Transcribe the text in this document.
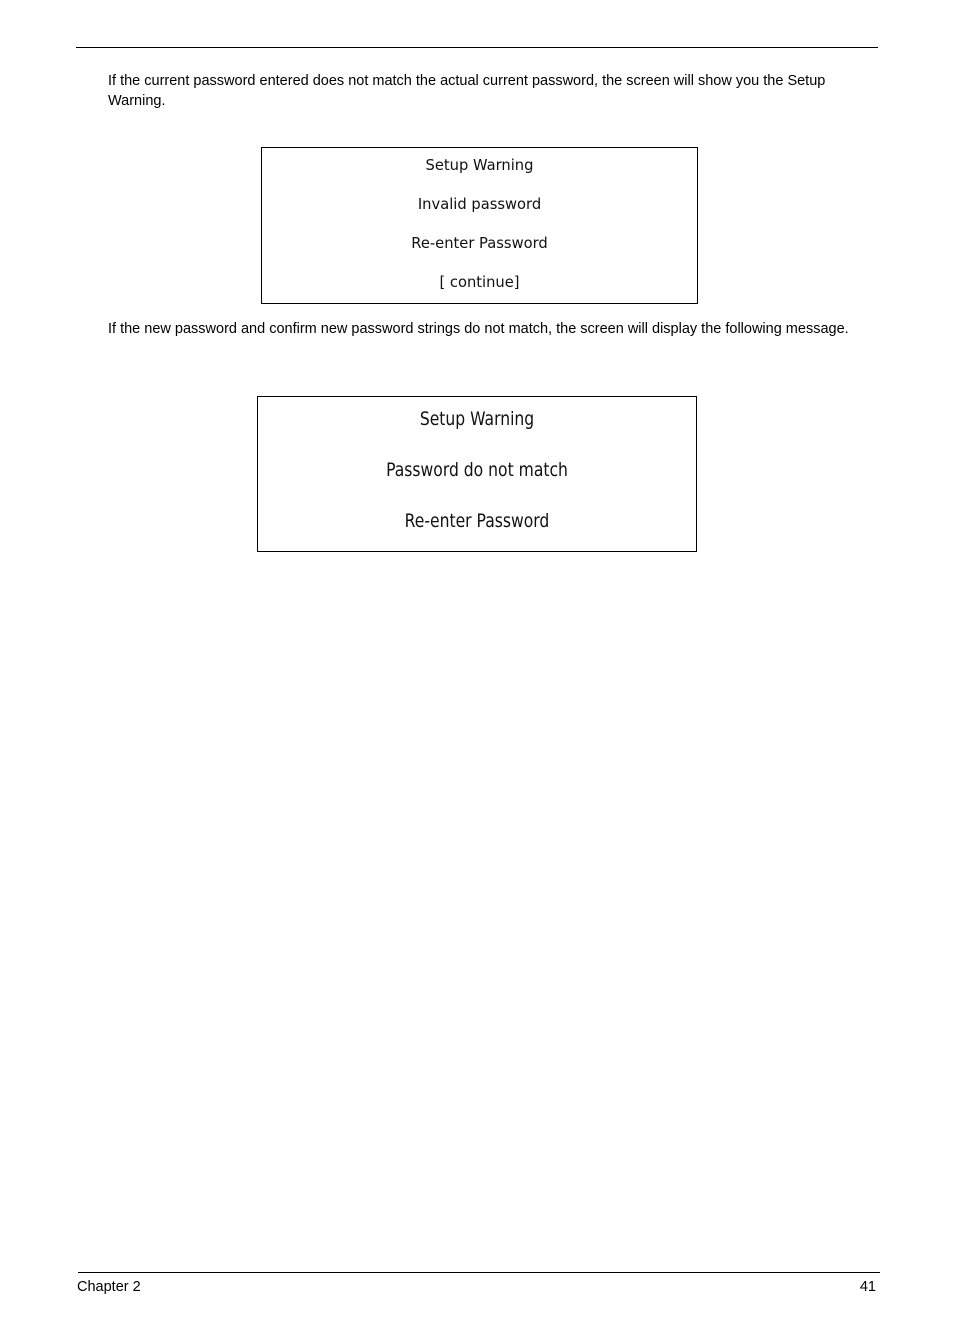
If the current password entered does not match the actual current password, the screen will show you the Setup Warning.

Setup Warning
Invalid password
Re-enter Password
[ continue]

If the new password and confirm new password strings do not match, the screen will display the following message.

Setup Warning
Password do not match
Re-enter Password
Chapter 2	41
